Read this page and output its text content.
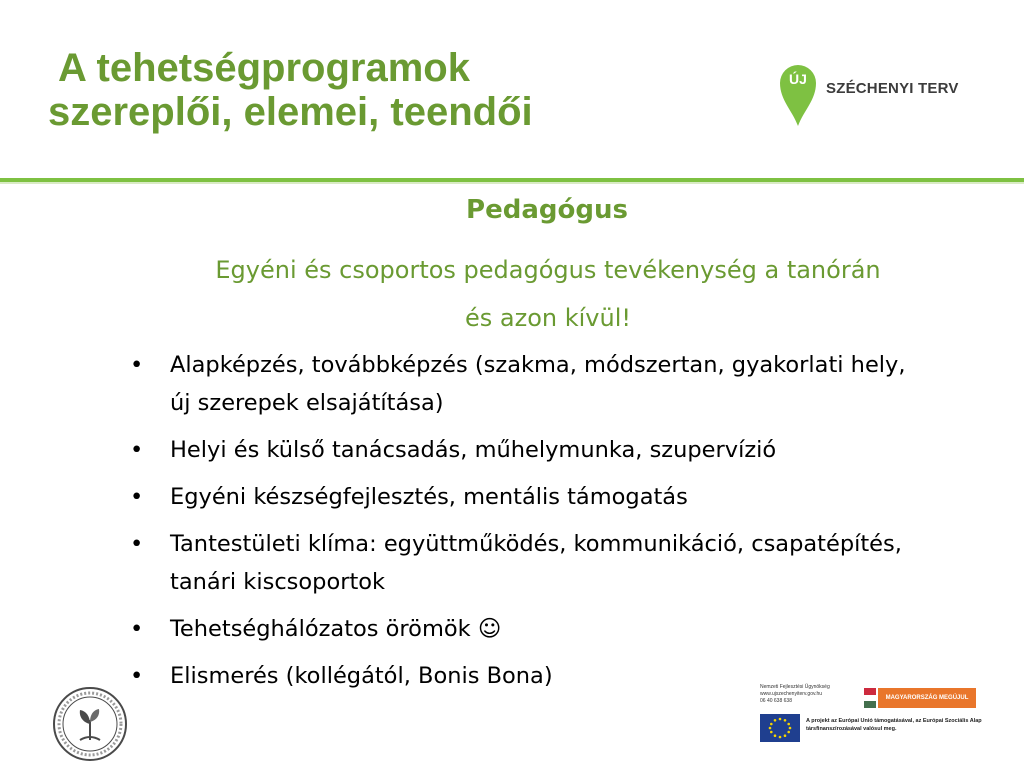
A tehetségprogramok
szereplői, elemei, teendői
ÚJ
SZÉCHENYI TERV
Pedagógus
Egyéni és csoportos pedagógus tevékenység a tanórán
és azon kívül!
• Alapképzés, továbbképzés (szakma, módszertan, gyakorlati hely, új szerepek elsajátítása)
• Helyi és külső tanácsadás, műhelymunka, szupervízió
• Egyéni készségfejlesztés, mentális támogatás
• Tantestületi klíma: együttműködés, kommunikáció, csapatépítés, tanári kiscsoportok
• Tehetséghálózatos örömök ☺
• Elismerés (kollégától, Bonis Bona)	Nemzeti Fejlesztési Ügynökség
www.ujszechenyiterv.gov.hu
06 40 638 638	MAGYARORSZÁG MEGÚJUL
A projekt az Európai Unió támogatásával, az Európai Szociális Alap társfinanszírozásával valósul meg.
